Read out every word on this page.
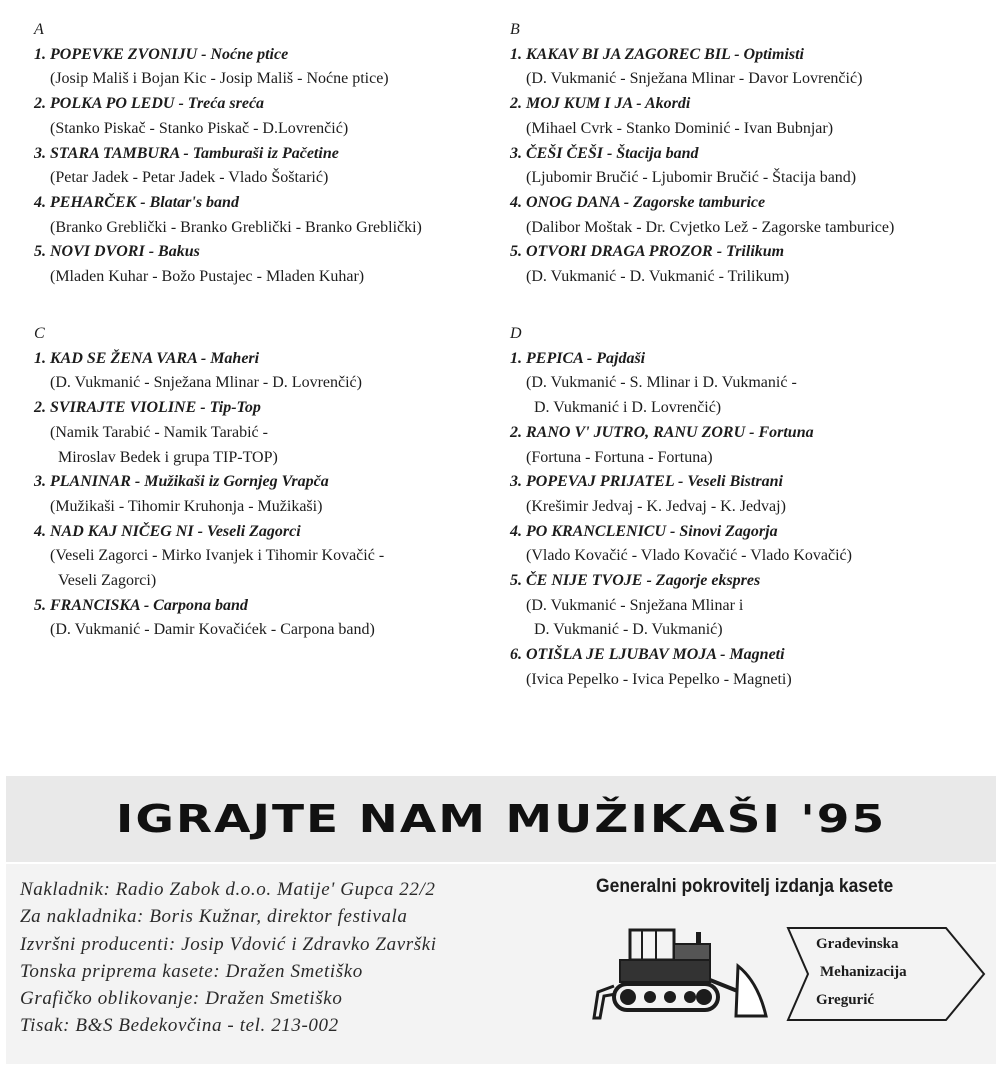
A
1. POPEVKE ZVONIJU - Noćne ptice
(Josip Mališ i Bojan Kic - Josip Mališ - Noćne ptice)
2. POLKA PO LEDU - Treća sreća
(Stanko Piskač - Stanko Piskač - D.Lovrenčić)
3. STARA TAMBURA - Tamburaši iz Pačetine
(Petar Jadek - Petar Jadek - Vlado Šoštarić)
4. PEHARČEK - Blatar's band
(Branko Greblički - Branko Greblički - Branko Greblički)
5. NOVI DVORI - Bakus
(Mladen Kuhar - Božo Pustajec - Mladen Kuhar)
B
1. KAKAV BI JA ZAGOREC BIL - Optimisti
(D. Vukmanić - Snježana Mlinar - Davor Lovrenčić)
2. MOJ KUM I JA - Akordi
(Mihael Cvrk - Stanko Dominić - Ivan Bubnjar)
3. ČEŠI ČEŠI - Štacija band
(Ljubomir Bručić - Ljubomir Bručić - Štacija band)
4. ONOG DANA - Zagorske tamburice
(Dalibor Moštak - Dr. Cvjetko Lež - Zagorske tamburice)
5. OTVORI DRAGA PROZOR - Trilikum
(D. Vukmanić - D. Vukmanić - Trilikum)
C
1. KAD SE ŽENA VARA - Maheri
(D. Vukmanić - Snježana Mlinar - D. Lovrenčić)
2. SVIRAJTE VIOLINE - Tip-Top
(Namik Tarabić - Namik Tarabić -
Miroslav Bedek i grupa TIP-TOP)
3. PLANINAR - Mužikaši iz Gornjeg Vrapča
(Mužikaši - Tihomir Kruhonja - Mužikaši)
4. NAD KAJ NIČEG NI - Veseli Zagorci
(Veseli Zagorci - Mirko Ivanjek i Tihomir Kovačić -
Veseli Zagorci)
5. FRANCISKA - Carpona band
(D. Vukmanić - Damir Kovačićek - Carpona band)
D
1. PEPICA - Pajdaši
(D. Vukmanić - S. Mlinar i D. Vukmanić -
D. Vukmanić i D. Lovrenčić)
2. RANO V' JUTRO, RANU ZORU - Fortuna
(Fortuna - Fortuna - Fortuna)
3. POPEVAJ PRIJATEL - Veseli Bistrani
(Krešimir Jedvaj - K. Jedvaj - K. Jedvaj)
4. PO KRANCLENICU - Sinovi Zagorja
(Vlado Kovačić - Vlado Kovačić - Vlado Kovačić)
5. ČE NIJE TVOJE - Zagorje ekspres
(D. Vukmanić - Snježana Mlinar i
D. Vukmanić - D. Vukmanić)
6. OTIŠLA JE LJUBAV MOJA - Magneti
(Ivica Pepelko - Ivica Pepelko - Magneti)
IGRAJTE NAM MUŽIKAŠI '95
Nakladnik: Radio Zabok d.o.o. Matije' Gupca 22/2
Za nakladnika: Boris Kužnar, direktor festivala
Izvršni producenti: Josip Vdović i Zdravko Završki
Tonska priprema kasete: Dražen Smetiško
Grafičko oblikovanje: Dražen Smetiško
Tisak: B&S Bedekovčina - tel. 213-002
Generalni pokrovitelj izdanja kasete
Građevinska
Mehanizacija
Gregurić
